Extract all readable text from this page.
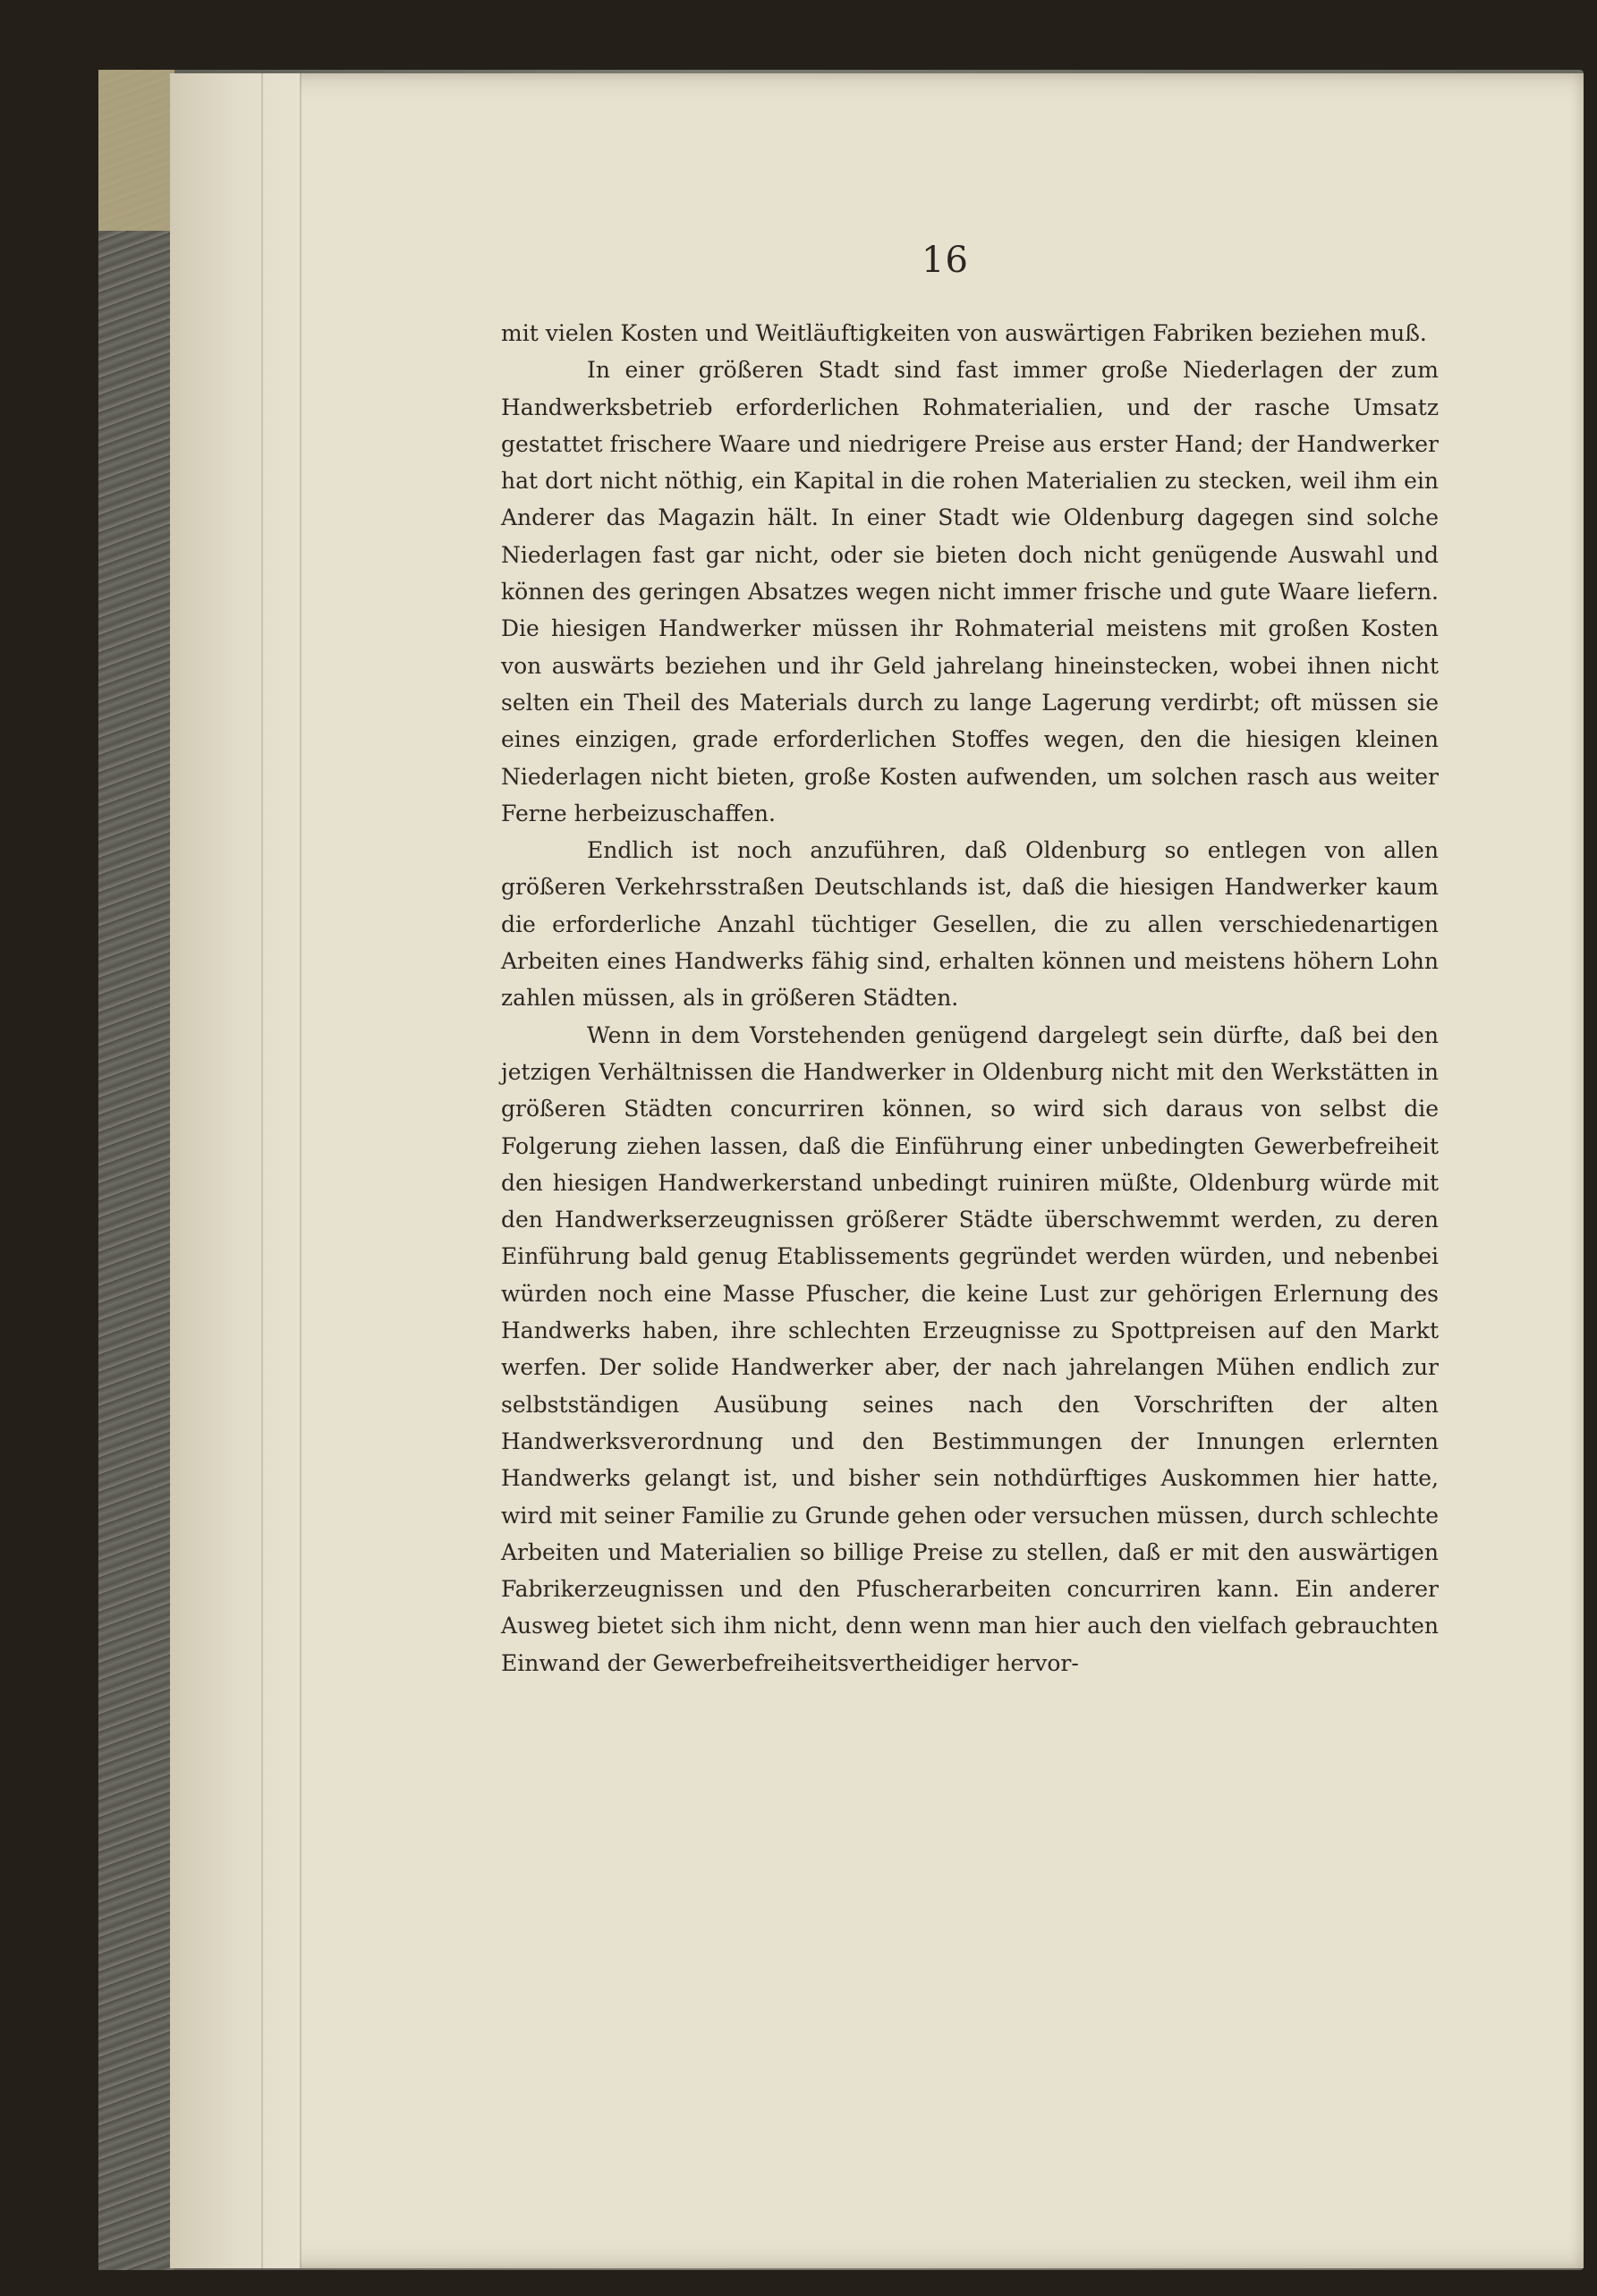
16

mit vielen Kosten und Weitläuftigkeiten von auswärtigen Fabriken beziehen muß.

In einer größeren Stadt sind fast immer große Niederlagen der zum Handwerksbetrieb erforderlichen Rohmaterialien, und der rasche Umsatz gestattet frischere Waare und niedrigere Preise aus erster Hand; der Handwerker hat dort nicht nöthig, ein Kapital in die rohen Materialien zu stecken, weil ihm ein Anderer das Magazin hält. In einer Stadt wie Oldenburg dagegen sind solche Niederlagen fast gar nicht, oder sie bieten doch nicht genügende Auswahl und können des geringen Absatzes wegen nicht immer frische und gute Waare liefern. Die hiesigen Handwerker müssen ihr Rohmaterial meistens mit großen Kosten von auswärts beziehen und ihr Geld jahrelang hineinstecken, wobei ihnen nicht selten ein Theil des Materials durch zu lange Lagerung verdirbt; oft müssen sie eines einzigen, grade erforderlichen Stoffes wegen, den die hiesigen kleinen Niederlagen nicht bieten, große Kosten aufwenden, um solchen rasch aus weiter Ferne herbeizuschaffen.

Endlich ist noch anzuführen, daß Oldenburg so entlegen von allen größeren Verkehrsstraßen Deutschlands ist, daß die hiesigen Handwerker kaum die erforderliche Anzahl tüchtiger Gesellen, die zu allen verschiedenartigen Arbeiten eines Handwerks fähig sind, erhalten können und meistens höhern Lohn zahlen müssen, als in größeren Städten.

Wenn in dem Vorstehenden genügend dargelegt sein dürfte, daß bei den jetzigen Verhältnissen die Handwerker in Oldenburg nicht mit den Werkstätten in größeren Städten concurriren können, so wird sich daraus von selbst die Folgerung ziehen lassen, daß die Einführung einer unbedingten Gewerbefreiheit den hiesigen Handwerkerstand unbedingt ruiniren müßte, Oldenburg würde mit den Handwerkserzeugnissen größerer Städte überschwemmt werden, zu deren Einführung bald genug Etablissements gegründet werden würden, und nebenbei würden noch eine Masse Pfuscher, die keine Lust zur gehörigen Erlernung des Handwerks haben, ihre schlechten Erzeugnisse zu Spottpreisen auf den Markt werfen. Der solide Handwerker aber, der nach jahrelangen Mühen endlich zur selbstständigen Ausübung seines nach den Vorschriften der alten Handwerksverordnung und den Bestimmungen der Innungen erlernten Handwerks gelangt ist, und bisher sein nothdürftiges Auskommen hier hatte, wird mit seiner Familie zu Grunde gehen oder versuchen müssen, durch schlechte Arbeiten und Materialien so billige Preise zu stellen, daß er mit den auswärtigen Fabrikerzeugnissen und den Pfuscherarbeiten concurriren kann. Ein anderer Ausweg bietet sich ihm nicht, denn wenn man hier auch den vielfach gebrauchten Einwand der Gewerbefreiheitsvertheidiger hervor-
